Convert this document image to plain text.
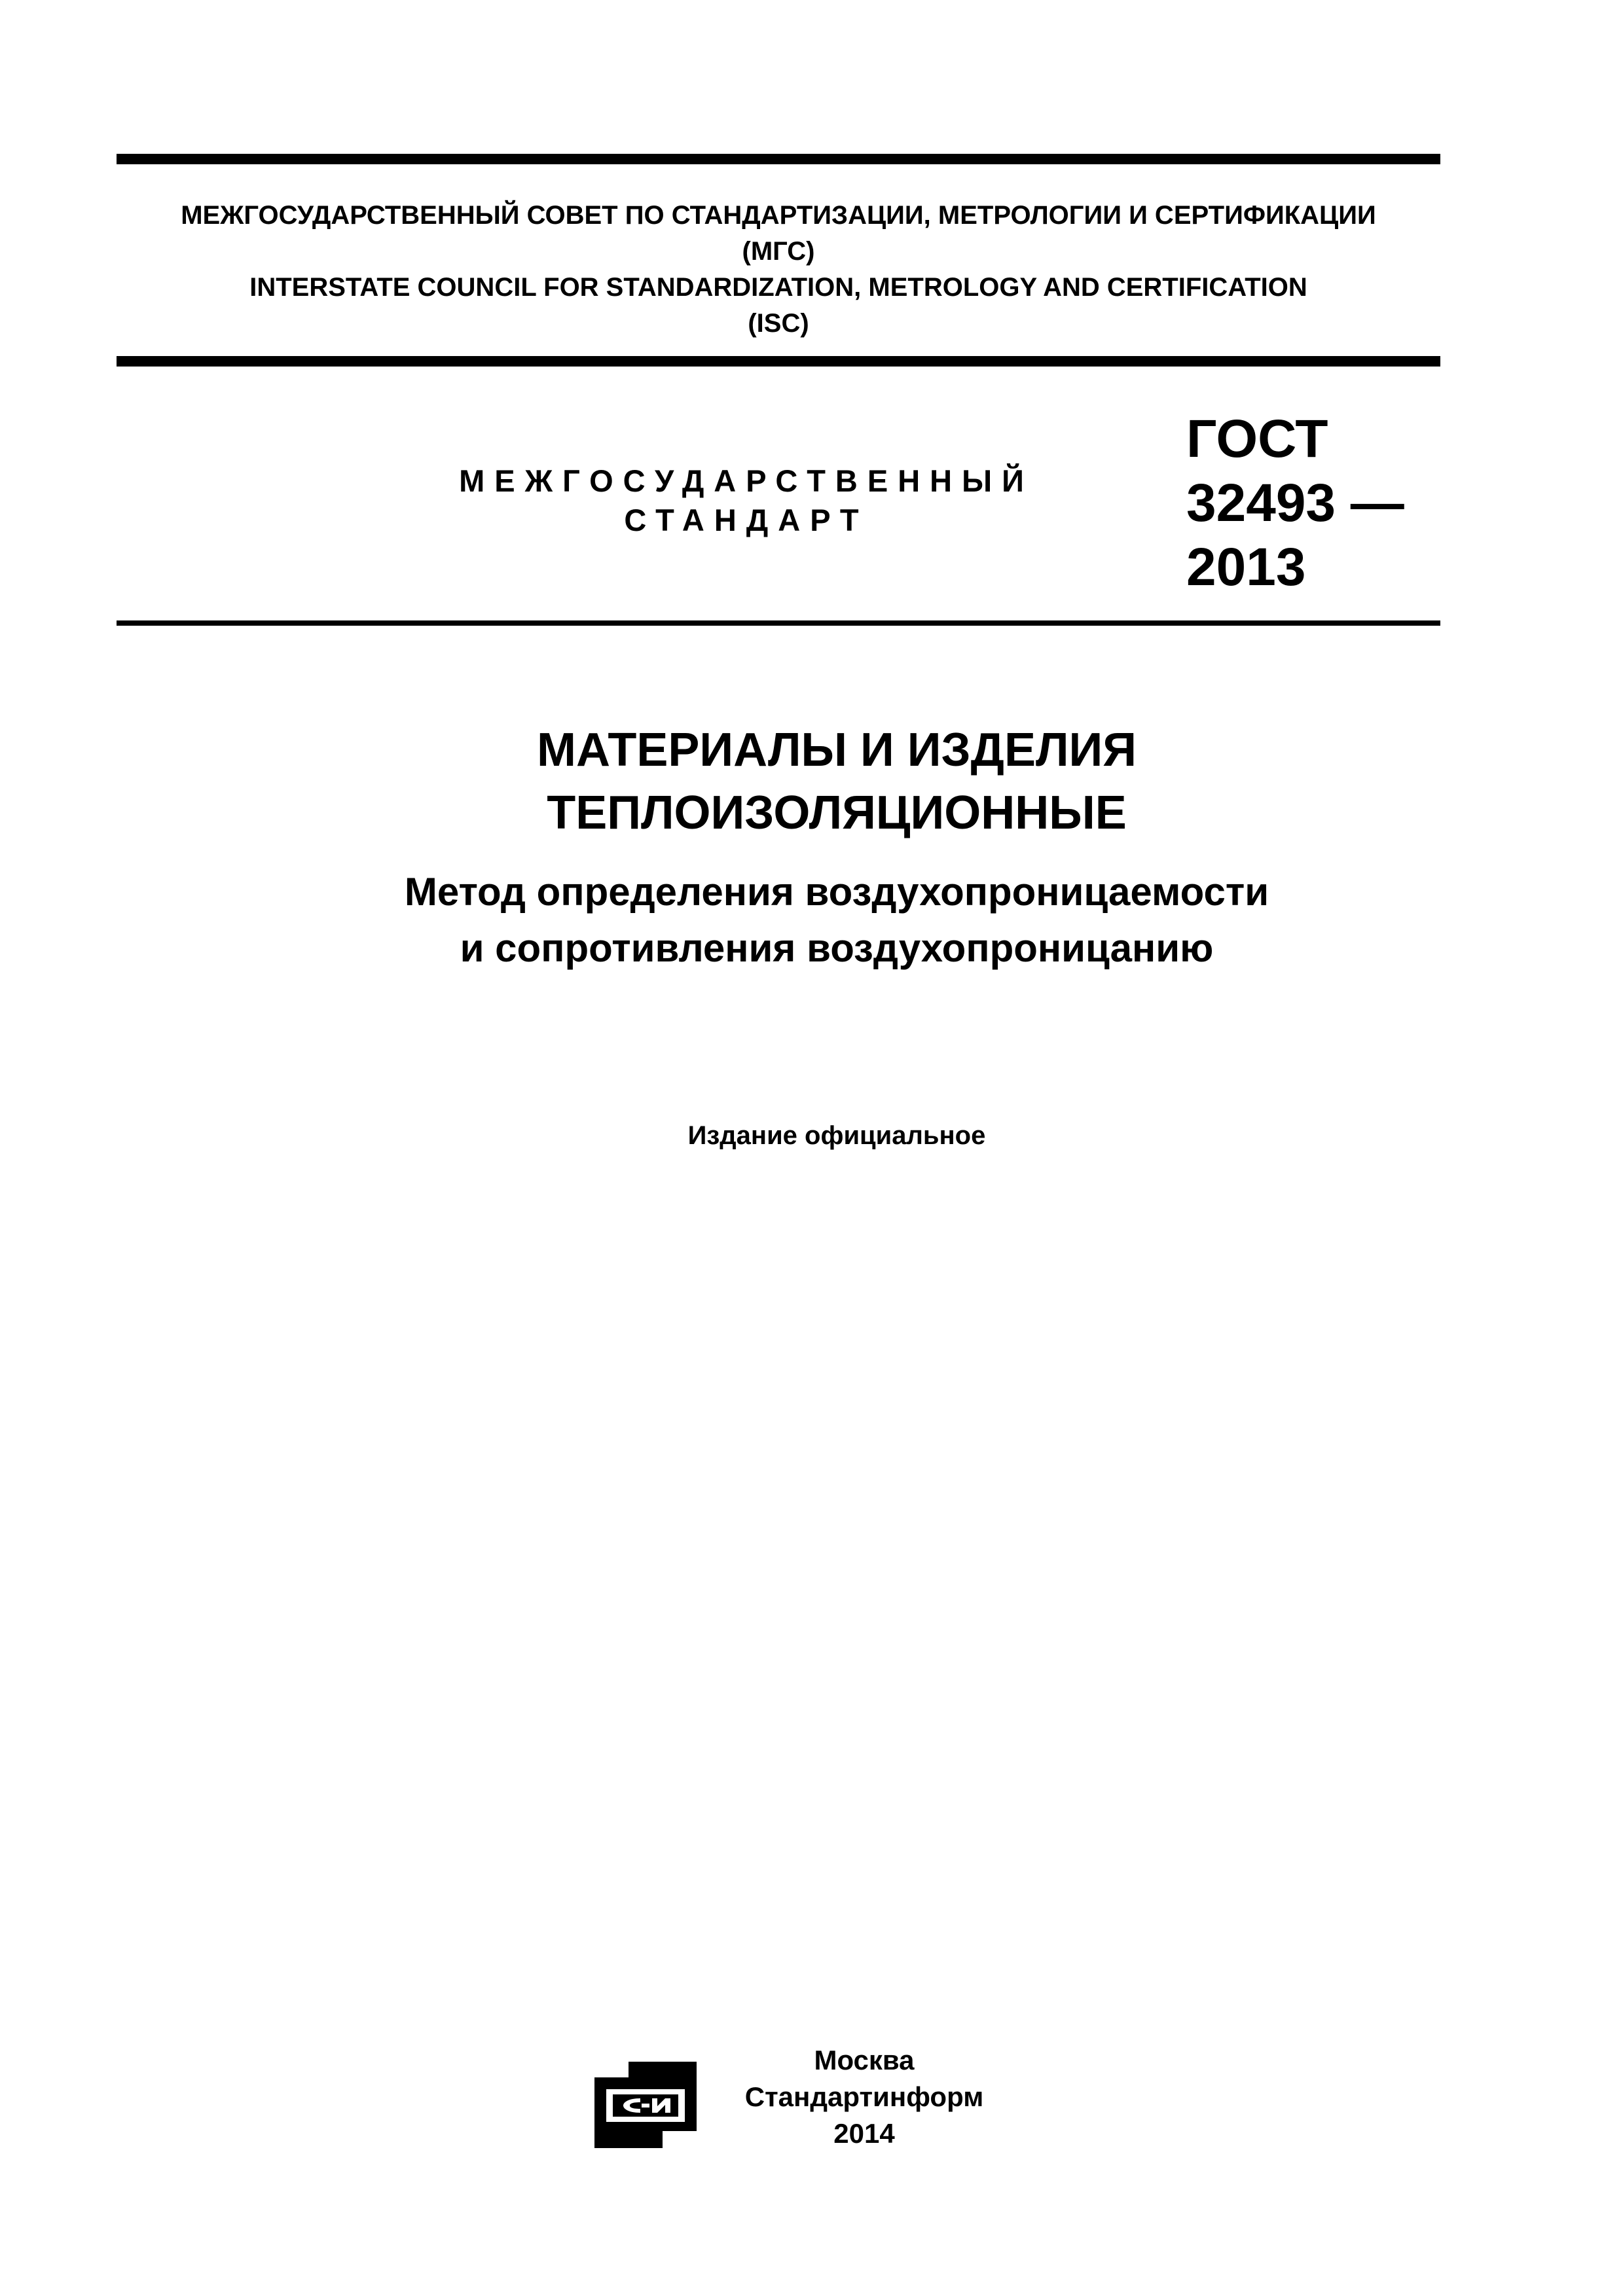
МЕЖГОСУДАРСТВЕННЫЙ СОВЕТ ПО СТАНДАРТИЗАЦИИ, МЕТРОЛОГИИ И СЕРТИФИКАЦИИ
(МГС)
INTERSTATE COUNCIL FOR STANDARDIZATION, METROLOGY AND CERTIFICATION
(ISC)
МЕЖГОСУДАРСТВЕННЫЙ
СТАНДАРТ
ГОСТ
32493 —
2013
МАТЕРИАЛЫ И ИЗДЕЛИЯ
ТЕПЛОИЗОЛЯЦИОННЫЕ
Метод определения воздухопроницаемости
и сопротивления воздухопроницанию
Издание официальное
Москва
Стандартинформ
2014
